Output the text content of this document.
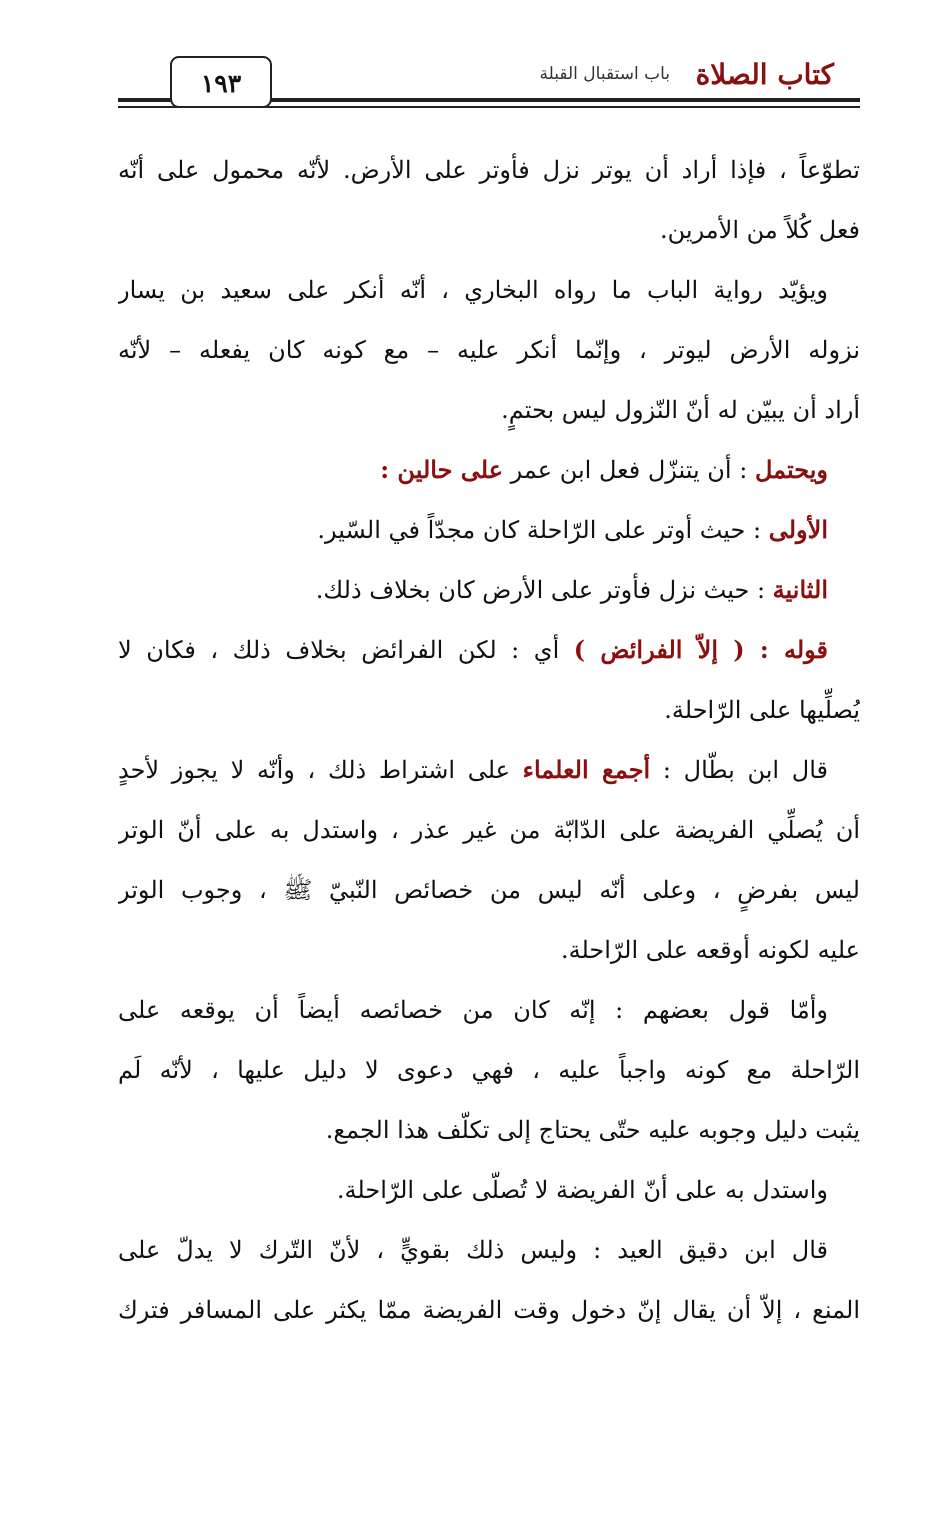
١٩٣	كتاب الصلاة
باب استقبال القبلة
تطوّعاً ، فإذا أراد أن يوتر نزل فأوتر على الأرض. لأنّه محمول على أنّه
فعل كُلاً من الأمرين.
ويؤيّد رواية الباب ما رواه البخاري ، أنّه أنكر على سعيد بن يسار
نزوله الأرض ليوتر ، وإنّما أنكر عليه – مع كونه كان يفعله – لأنّه
أراد أن يبيّن له أنّ النّزول ليس بحتمٍ.
ويحتمل : أن يتنزّل فعل ابن عمر على حالين :
الأولى : حيث أوتر على الرّاحلة كان مجدّاً في السّير.
الثانية : حيث نزل فأوتر على الأرض كان بخلاف ذلك.
قوله : ( إلاّ الفرائض ) أي : لكن الفرائض بخلاف ذلك ، فكان لا
يُصلِّيها على الرّاحلة.
قال ابن بطّال : أجمع العلماء على اشتراط ذلك ، وأنّه لا يجوز لأحدٍ
أن يُصلِّي الفريضة على الدّابّة من غير عذر ، واستدل به على أنّ الوتر
ليس بفرضٍ ، وعلى أنّه ليس من خصائص النّبيّ ﷺ ، وجوب الوتر
عليه لكونه أوقعه على الرّاحلة.
وأمّا قول بعضهم : إنّه كان من خصائصه أيضاً أن يوقعه على
الرّاحلة مع كونه واجباً عليه ، فهي دعوى لا دليل عليها ، لأنّه لَم
يثبت دليل وجوبه عليه حتّى يحتاج إلى تكلّف هذا الجمع.
واستدل به على أنّ الفريضة لا تُصلّى على الرّاحلة.
قال ابن دقيق العيد : وليس ذلك بقويٍّ ، لأنّ التّرك لا يدلّ على
المنع ، إلاّ أن يقال إنّ دخول وقت الفريضة ممّا يكثر على المسافر فترك
